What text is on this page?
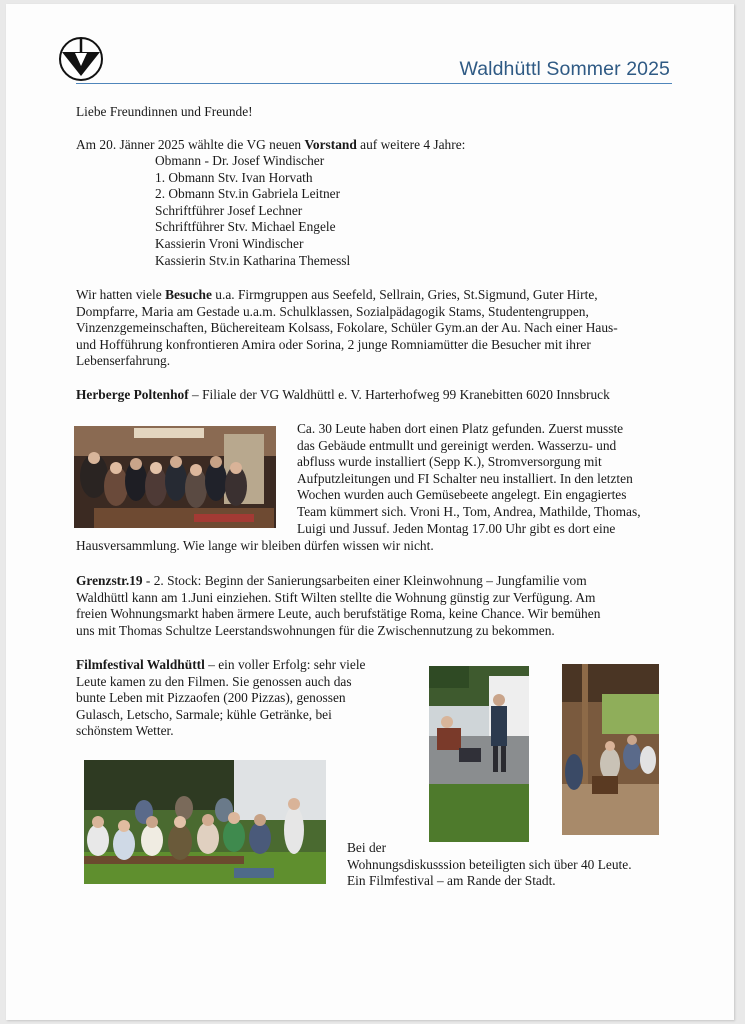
Waldhüttl Sommer 2025

Liebe Freundinnen und Freunde!

Am 20. Jänner 2025 wählte die VG neuen Vorstand auf weitere 4 Jahre:

Obmann - Dr. Josef Windischer
1. Obmann Stv. Ivan Horvath
2. Obmann Stv.in Gabriela Leitner
Schriftführer Josef Lechner
Schriftführer Stv. Michael Engele
Kassierin Vroni Windischer
Kassierin Stv.in Katharina Themessl
Wir hatten viele Besuche u.a. Firmgruppen aus Seefeld, Sellrain, Gries, St.Sigmund, Guter Hirte,
Dompfarre, Maria am Gestade u.a.m. Schulklassen, Sozialpädagogik Stams, Studentengruppen,
Vinzenzgemeinschaften, Büchereiteam Kolsass, Fokolare, Schüler Gym.an der Au. Nach einer Haus-
und Hofführung konfrontieren Amira oder Sorina, 2 junge Romniamütter die Besucher mit ihrer
Lebenserfahrung.

Herberge Poltenhof – Filiale der VG Waldhüttl e. V. Harterhofweg 99 Kranebitten 6020 Innsbruck

Ca. 30 Leute haben dort einen Platz gefunden. Zuerst musste
das Gebäude entmullt und gereinigt werden. Wasserzu- und
abfluss wurde installiert (Sepp K.), Stromversorgung mit
Aufputzleitungen und FI Schalter neu installiert. In den letzten
Wochen wurden auch Gemüsebeete angelegt. Ein engagiertes
Team kümmert sich. Vroni H., Tom, Andrea, Mathilde, Thomas,
Luigi und Jussuf. Jeden Montag 17.00 Uhr gibt es dort eine

Hausversammlung. Wie lange wir bleiben dürfen wissen wir nicht.

Grenzstr.19 - 2. Stock: Beginn der Sanierungsarbeiten einer Kleinwohnung – Jungfamilie vom
Waldhüttl kann am 1.Juni einziehen. Stift Wilten stellte die Wohnung günstig zur Verfügung. Am
freien Wohnungsmarkt haben ärmere Leute, auch berufstätige Roma, keine Chance. Wir bemühen
uns mit Thomas Schultze Leerstandswohnungen für die Zwischennutzung zu bekommen.
Filmfestival Waldhüttl – ein voller Erfolg: sehr viele
Leute kamen zu den Filmen. Sie genossen auch das
bunte Leben mit Pizzaofen (200 Pizzas), genossen
Gulasch, Letscho, Sarmale; kühle Getränke, bei
schönstem Wetter.
Bei der
Wohnungsdiskusssion beteiligten sich über 40 Leute.
Ein Filmfestival – am Rande der Stadt.
